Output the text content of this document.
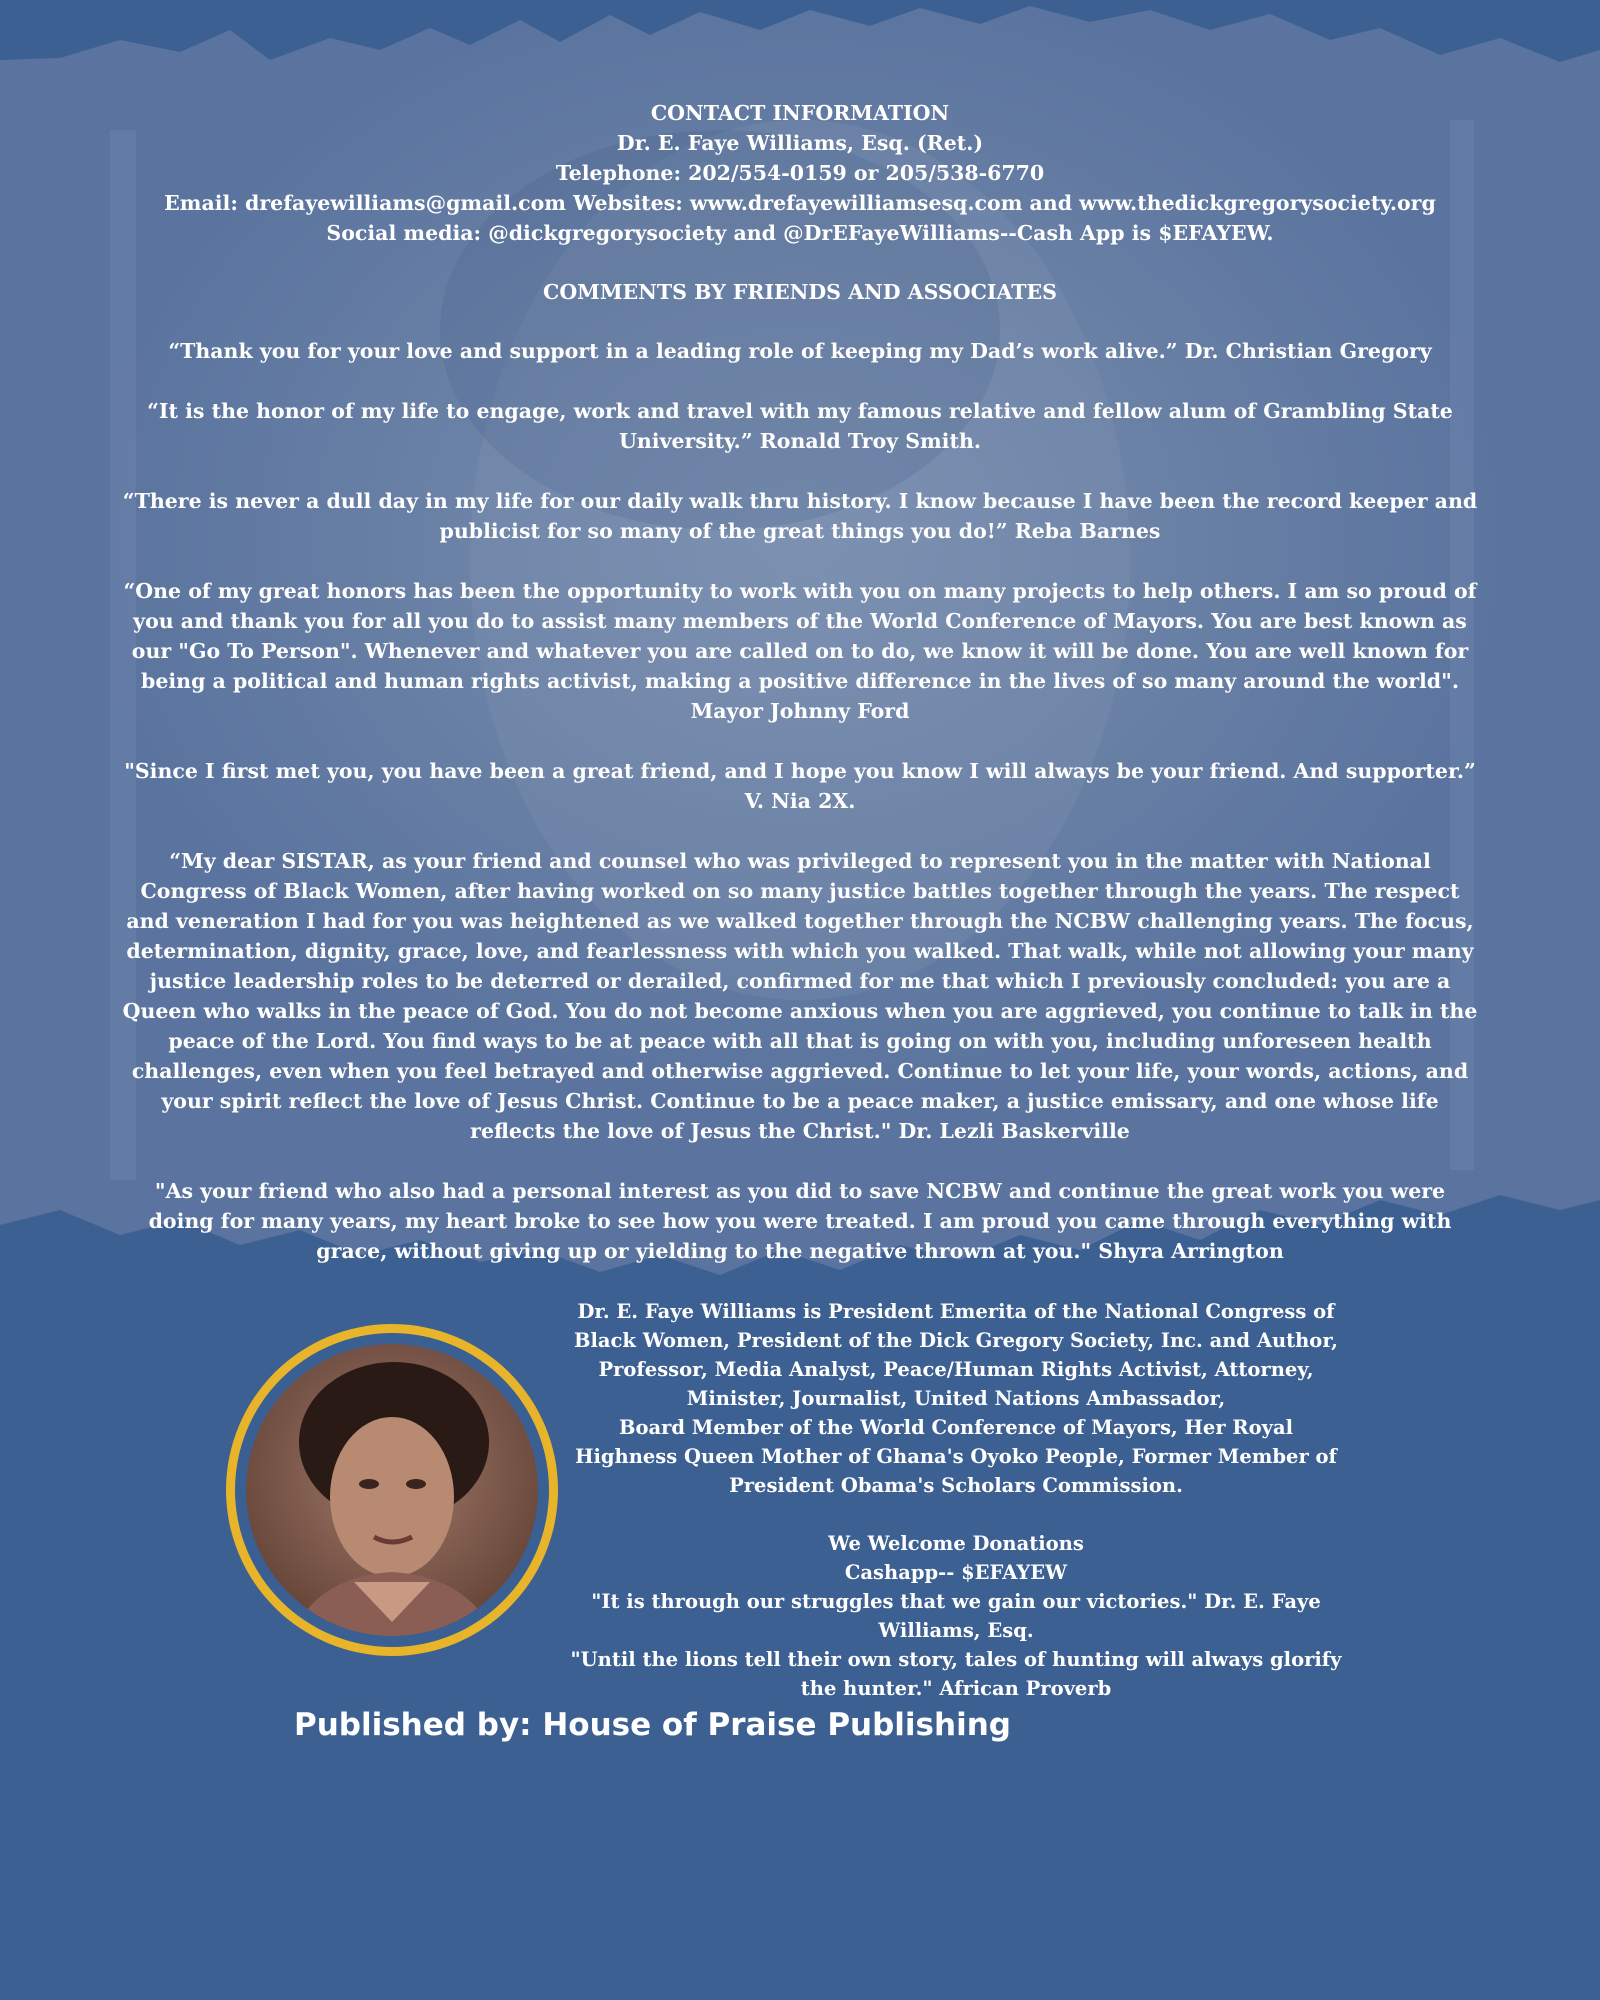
CONTACT INFORMATION
Dr. E. Faye Williams, Esq. (Ret.)
Telephone: 202/554-0159 or 205/538-6770
Email: drefayewilliams@gmail.com Websites: www.drefayewilliamsesq.com and www.thedickgregorysociety.org
Social media: @dickgregorysociety and @DrEFayeWilliams--Cash App is $EFAYEW.
COMMENTS BY FRIENDS AND ASSOCIATES

“Thank you for your love and support in a leading role of keeping my Dad’s work alive.” Dr. Christian Gregory

“It is the honor of my life to engage, work and travel with my famous relative and fellow alum of Grambling State University.” Ronald Troy Smith.

“There is never a dull day in my life for our daily walk thru history. I know because I have been the record keeper and publicist for so many of the great things you do!” Reba Barnes

“One of my great honors has been the opportunity to work with you on many projects to help others. I am so proud of you and thank you for all you do to assist many members of the World Conference of Mayors. You are best known as our "Go To Person". Whenever and whatever you are called on to do, we know it will be done. You are well known for being a political and human rights activist, making a positive difference in the lives of so many around the world". Mayor Johnny Ford

"Since I first met you, you have been a great friend, and I hope you know I will always be your friend. And supporter.” V. Nia 2X.

“My dear SISTAR, as your friend and counsel who was privileged to represent you in the matter with National Congress of Black Women, after having worked on so many justice battles together through the years. The respect and veneration I had for you was heightened as we walked together through the NCBW challenging years. The focus, determination, dignity, grace, love, and fearlessness with which you walked. That walk, while not allowing your many justice leadership roles to be deterred or derailed, confirmed for me that which I previously concluded: you are a Queen who walks in the peace of God. You do not become anxious when you are aggrieved, you continue to talk in the peace of the Lord. You find ways to be at peace with all that is going on with you, including unforeseen health challenges, even when you feel betrayed and otherwise aggrieved. Continue to let your life, your words, actions, and your spirit reflect the love of Jesus Christ. Continue to be a peace maker, a justice emissary, and one whose life reflects the love of Jesus the Christ." Dr. Lezli Baskerville

"As your friend who also had a personal interest as you did to save NCBW and continue the great work you were doing for many years, my heart broke to see how you were treated. I am proud you came through everything with grace, without giving up or yielding to the negative thrown at you." Shyra Arrington

Dr. E. Faye Williams is President Emerita of the National Congress of Black Women, President of the Dick Gregory Society, Inc. and Author, Professor, Media Analyst, Peace/Human Rights Activist, Attorney, Minister, Journalist, United Nations Ambassador,

Board Member of the World Conference of Mayors, Her Royal Highness Queen Mother of Ghana's Oyoko People, Former Member of President Obama's Scholars Commission.

We Welcome Donations

Cashapp-- $EFAYEW

"It is through our struggles that we gain our victories." Dr. E. Faye Williams, Esq.

"Until the lions tell their own story, tales of hunting will always glorify the hunter." African Proverb

Published by: House of Praise Publishing
